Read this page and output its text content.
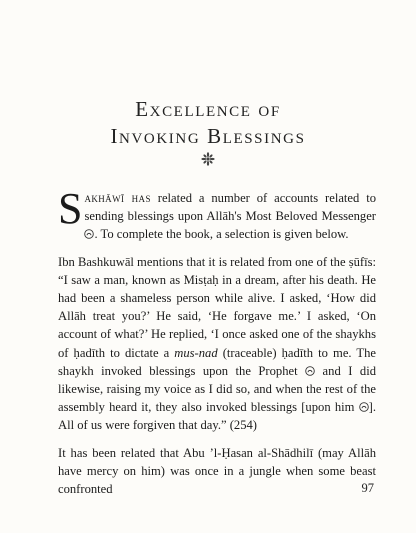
Excellence of
Invoking Blessings

Sakhāwī has related a number of accounts related to sending blessings upon Allāh's Most Beloved Messenger . To complete the book, a selection is given below.

Ibn Bashkuwāl mentions that it is related from one of the ṣūfīs: “I saw a man, known as Misṭaḥ in a dream, after his death. He had been a shameless person while alive. I asked, ‘How did Allāh treat you?’ He said, ‘He forgave me.’ I asked, ‘On account of what?’ He replied, ‘I once asked one of the shaykhs of ḥadīth to dictate a mus-nad (traceable) ḥadīth to me. The shaykh invoked blessings upon the Prophet  and I did likewise, raising my voice as I did so, and when the rest of the assembly heard it, they also invoked blessings [upon him ]. All of us were forgiven that day.” (254)

It has been related that Abu ’l-Ḥasan al-Shādhilī (may Allāh have mercy on him) was once in a jungle when some beast confronted	97
